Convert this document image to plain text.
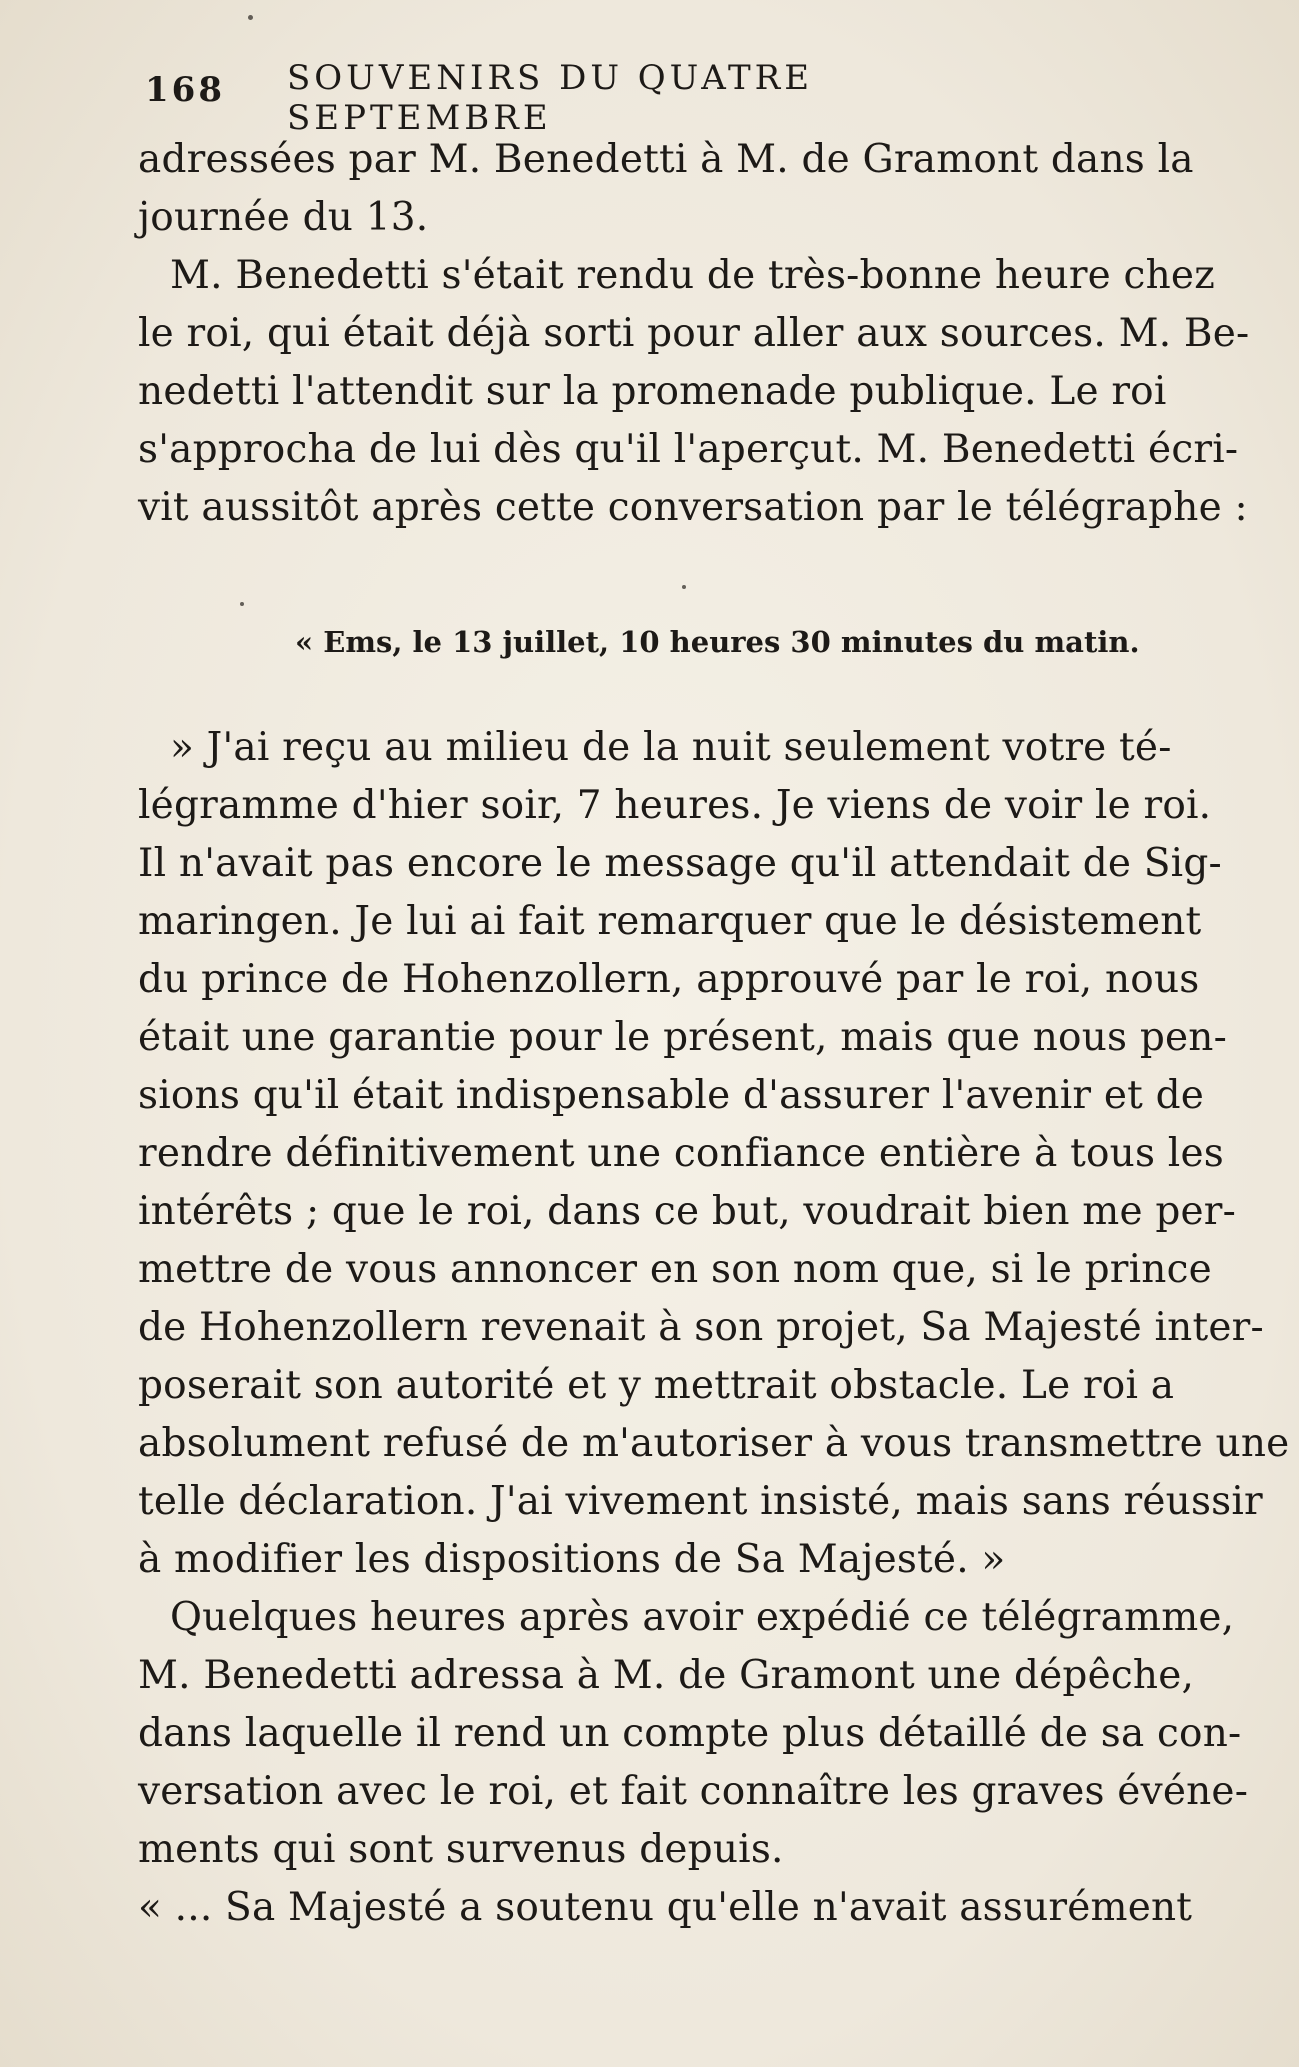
168 SOUVENIRS DU QUATRE SEPTEMBRE
adressées par M. Benedetti à M. de Gramont dans la
journée du 13.
M. Benedetti s'était rendu de très-bonne heure chez
le roi, qui était déjà sorti pour aller aux sources. M. Be-
nedetti l'attendit sur la promenade publique. Le roi
s'approcha de lui dès qu'il l'aperçut. M. Benedetti écri-
vit aussitôt après cette conversation par le télégraphe :
« Ems, le 13 juillet, 10 heures 30 minutes du matin.
» J'ai reçu au milieu de la nuit seulement votre té-
légramme d'hier soir, 7 heures. Je viens de voir le roi.
Il n'avait pas encore le message qu'il attendait de Sig-
maringen. Je lui ai fait remarquer que le désistement
du prince de Hohenzollern, approuvé par le roi, nous
était une garantie pour le présent, mais que nous pen-
sions qu'il était indispensable d'assurer l'avenir et de
rendre définitivement une confiance entière à tous les
intérêts ; que le roi, dans ce but, voudrait bien me per-
mettre de vous annoncer en son nom que, si le prince
de Hohenzollern revenait à son projet, Sa Majesté inter-
poserait son autorité et y mettrait obstacle. Le roi a
absolument refusé de m'autoriser à vous transmettre une
telle déclaration. J'ai vivement insisté, mais sans réussir
à modifier les dispositions de Sa Majesté. »
Quelques heures après avoir expédié ce télégramme,
M. Benedetti adressa à M. de Gramont une dépêche,
dans laquelle il rend un compte plus détaillé de sa con-
versation avec le roi, et fait connaître les graves événe-
ments qui sont survenus depuis.
« ... Sa Majesté a soutenu qu'elle n'avait assurément
